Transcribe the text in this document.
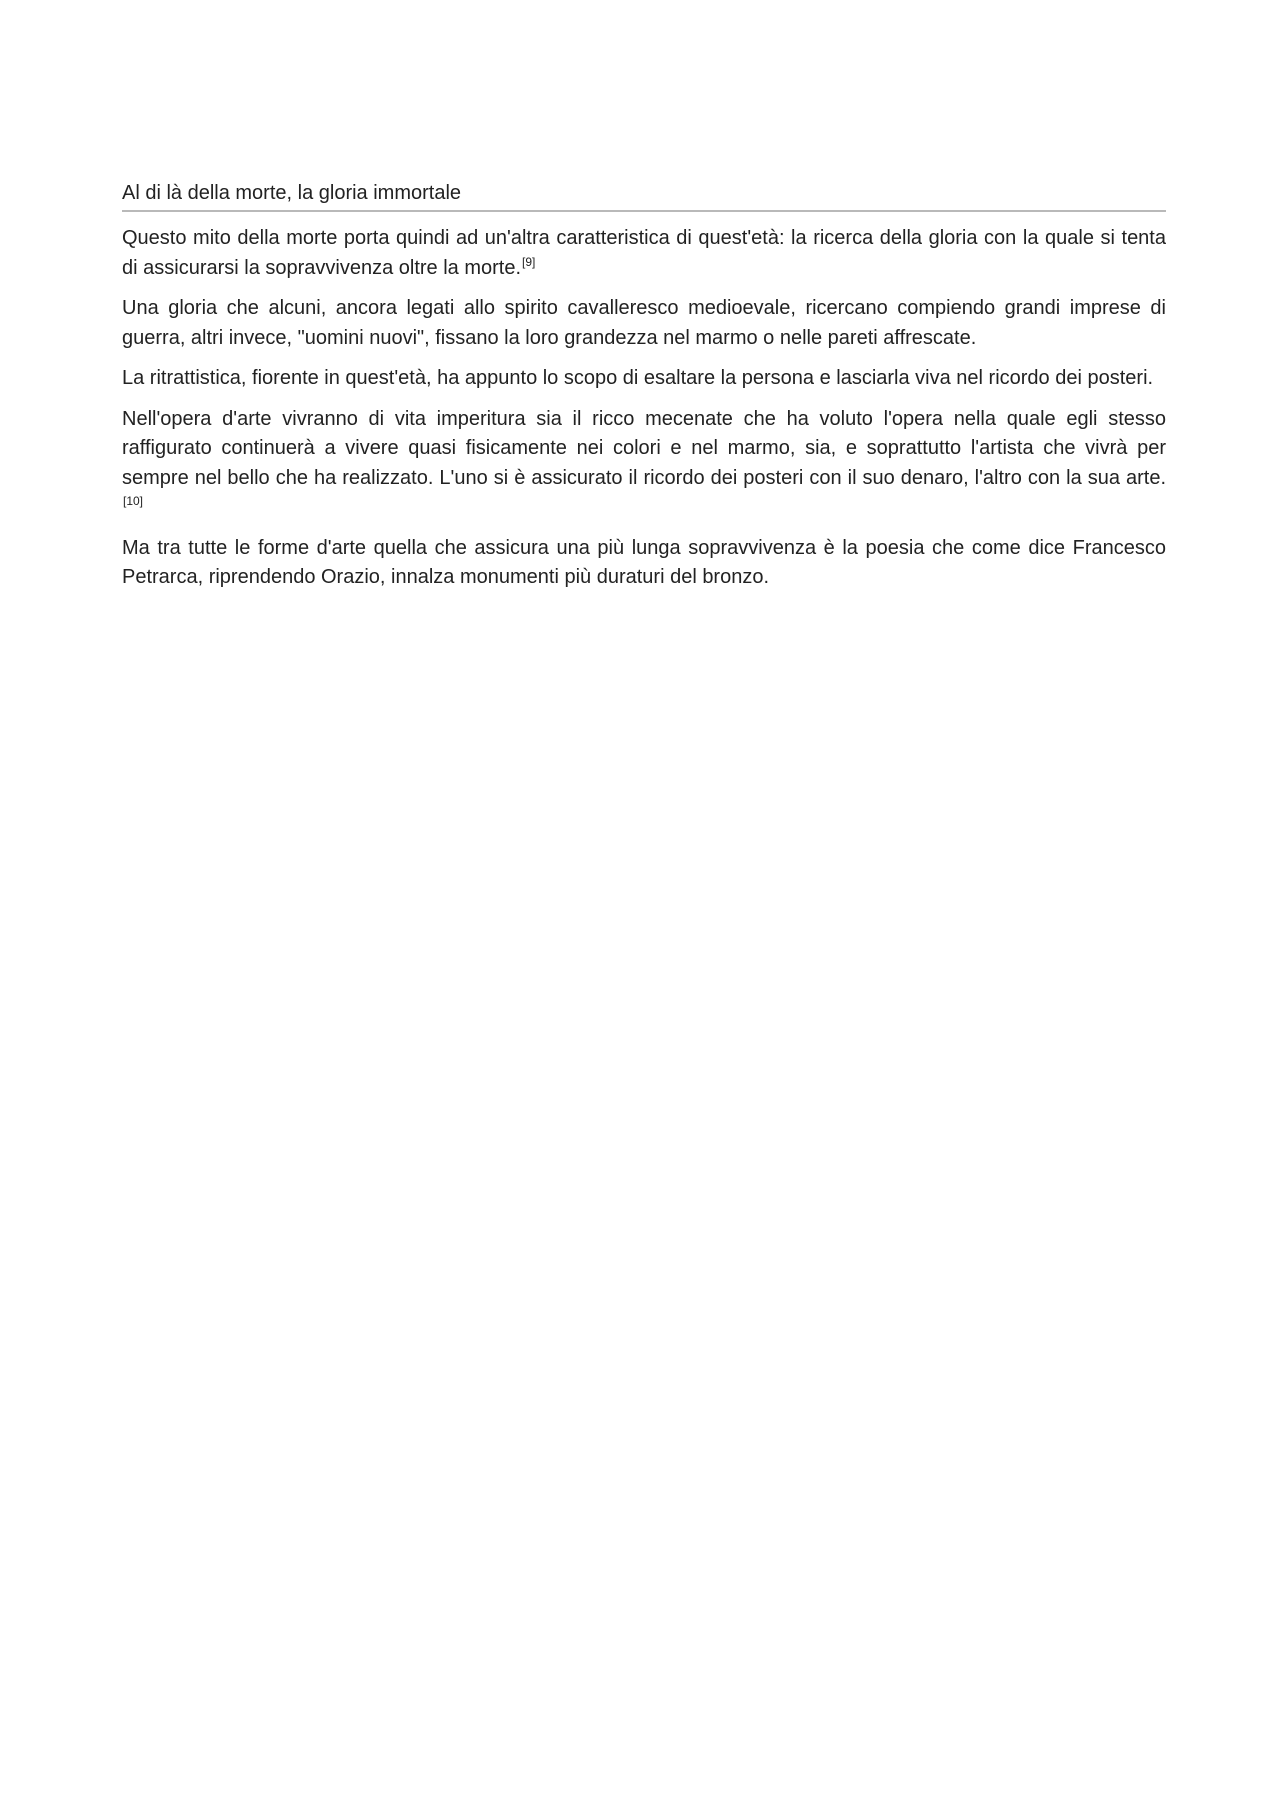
Al di là della morte, la gloria immortale

Questo mito della morte porta quindi ad un'altra caratteristica di quest'età: la ricerca della gloria con la quale si tenta di assicurarsi la sopravvivenza oltre la morte.[9]

Una gloria che alcuni, ancora legati allo spirito cavalleresco medioevale, ricercano compiendo grandi imprese di guerra, altri invece, "uomini nuovi", fissano la loro grandezza nel marmo o nelle pareti affrescate.

La ritrattistica, fiorente in quest'età, ha appunto lo scopo di esaltare la persona e lasciarla viva nel ricordo dei posteri.

Nell'opera d'arte vivranno di vita imperitura sia il ricco mecenate che ha voluto l'opera nella quale egli stesso raffigurato continuerà a vivere quasi fisicamente nei colori e nel marmo, sia, e soprattutto l'artista che vivrà per sempre nel bello che ha realizzato. L'uno si è assicurato il ricordo dei posteri con il suo denaro, l'altro con la sua arte.[10]

Ma tra tutte le forme d'arte quella che assicura una più lunga sopravvivenza è la poesia che come dice Francesco Petrarca, riprendendo Orazio, innalza monumenti più duraturi del bronzo.
